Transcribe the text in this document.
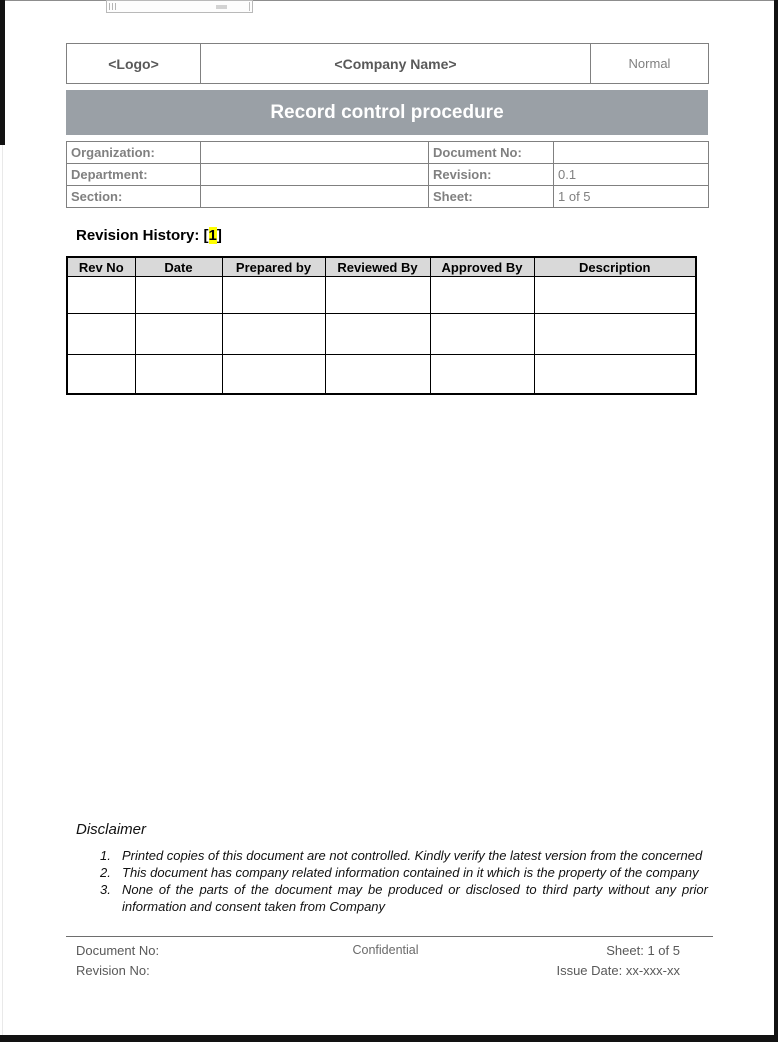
<Logo>	<Company Name>	Normal
Record control procedure
Organization:		Document No:	
Department:		Revision:	0.1
Section:		Sheet:	1 of 5
Revision History: [1]
Rev No	Date	Prepared by	Reviewed By	Approved By	Description

Disclaimer
1. Printed copies of this document are not controlled. Kindly verify the latest version from the concerned
2. This document has company related information contained in it which is the property of the company
3. None of the parts of the document may be produced or disclosed to third party without any prior information and consent taken from Company
Document No:
Revision No:
Confidential	Sheet: 1 of 5
Issue Date: xx-xxx-xx
